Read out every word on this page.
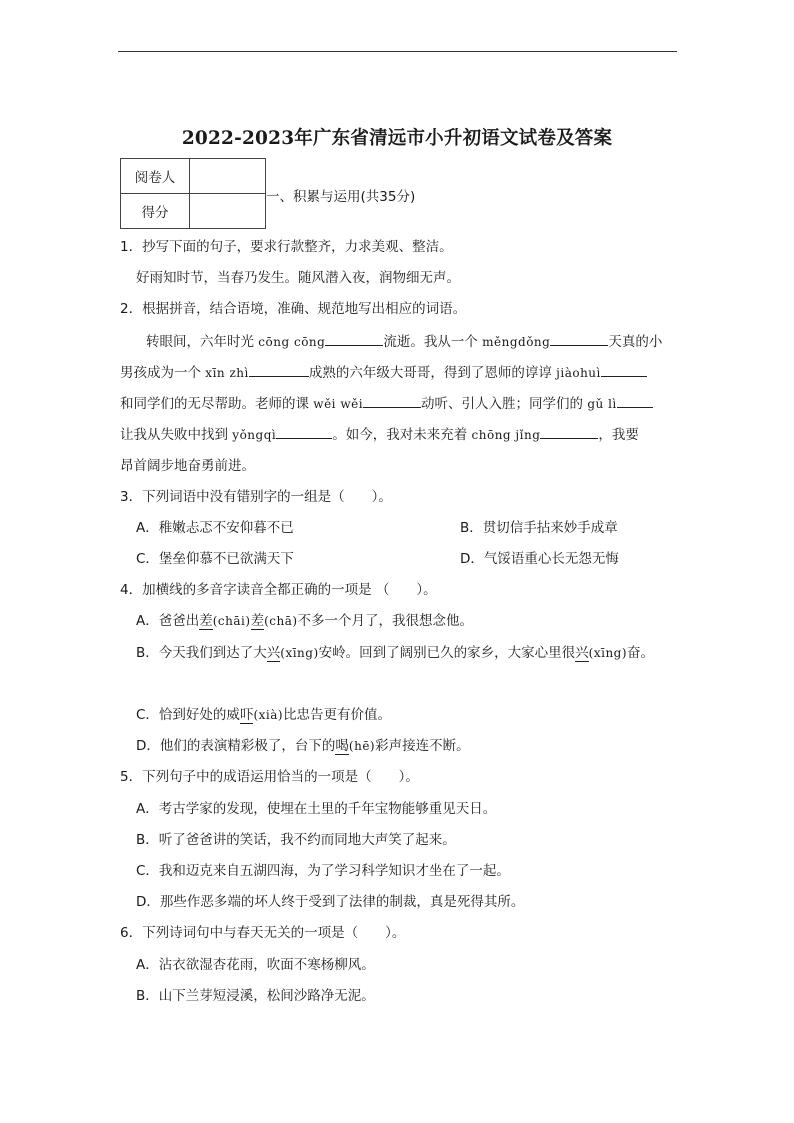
2022-2023年广东省清远市小升初语文试卷及答案
阅卷人	
得分	
一、积累与运用(共35分)
1．抄写下面的句子，要求行款整齐，力求美观、整洁。
好雨知时节，当春乃发生。随风潜入夜，润物细无声。
2．根据拼音，结合语境，准确、规范地写出相应的词语。
转眼间，六年时光 cōng cōng	流逝。我从一个 měngdǒng	天真的小
男孩成为一个 xīn zhì	成熟的六年级大哥哥，得到了恩师的谆谆 jiàohuì
和同学们的无尽帮助。老师的课 wěi wěi	动听、引人入胜；同学们的 gǔ lì
让我从失败中找到 yǒngqì	。如今，我对未来充着 chōng jǐng	，我要
昂首阔步地奋勇前进。
3．下列词语中没有错别字的一组是（　　）。
A．稚嫩忐忑不安仰暮不已	B．贯切信手拈来妙手成章
C．堡垒仰慕不已欲满天下	D．气馁语重心长无怨无悔
4．加横线的多音字读音全都正确的一项是 （　　）。
A．爸爸出差(chāi)差(chā)不多一个月了，我很想念他。
B．今天我们到达了大兴(xīng)安岭。回到了阔别已久的家乡，大家心里很兴(xīng)奋。
C．恰到好处的威吓(xià)比忠告更有价值。
D．他们的表演精彩极了，台下的喝(hē)彩声接连不断。
5．下列句子中的成语运用恰当的一项是（　　）。
A．考古学家的发现，使埋在土里的千年宝物能够重见天日。
B．听了爸爸讲的笑话，我不约而同地大声笑了起来。
C．我和迈克来自五湖四海，为了学习科学知识才坐在了一起。
D．那些作恶多端的坏人终于受到了法律的制裁，真是死得其所。
6．下列诗词句中与春天无关的一项是（　　）。
A．沾衣欲湿杏花雨，吹面不寒杨柳风。
B．山下兰芽短浸溪，松间沙路净无泥。
